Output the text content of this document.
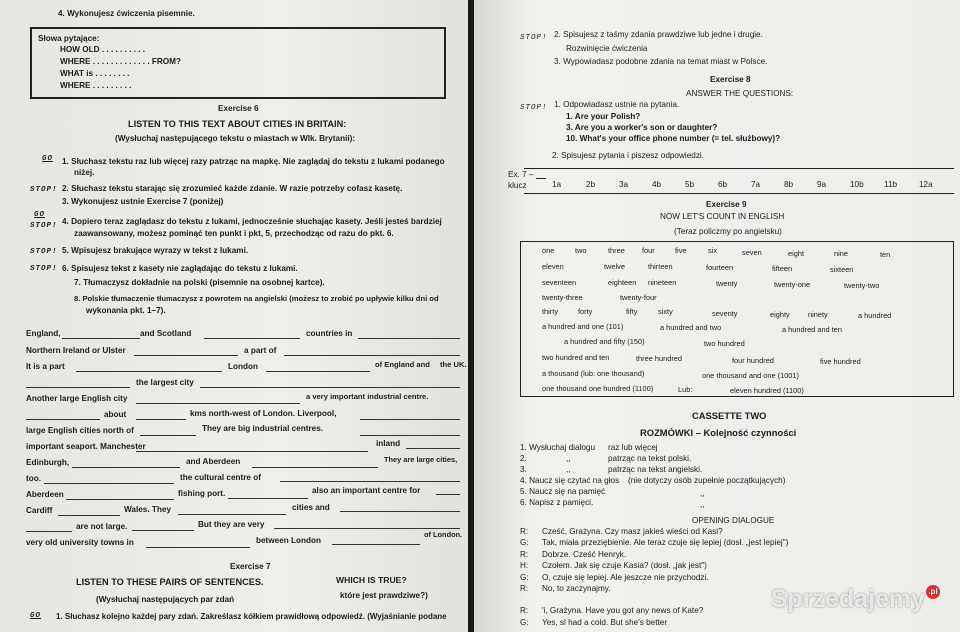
4. Wykonujesz ćwiczenia pisemnie.
Słowa pytające:
HOW OLD . . . . . . . . . .
WHERE . . . . . . . . . . . . . FROM?
WHAT is . . . . . . . .
WHERE . . . . . . . . .
Exercise 6
LISTEN TO THIS TEXT ABOUT CITIES IN BRITAIN:
(Wysłuchaj następującego tekstu o miastach w Wlk. Brytanii):
GO 1. Słuchasz tekstu raz lub więcej razy patrząc na mapkę. Nie zaglądaj do tekstu z lukami podanego
niżej.
STOP! 2. Słuchasz tekstu starając się zrozumieć każde zdanie. W razie potrzeby cofasz kasetę.
3. Wykonujesz ustnie Exercise 7 (poniżej)
GO
STOP! 4. Dopiero teraz zaglądasz do tekstu z lukami, jednocześnie słuchając kasety. Jeśli jesteś bardziej
zaawansowany, możesz pominąć ten punkt i pkt, 5, przechodząc od razu do pkt. 6.
STOP! 5. Wpisujesz brakujące wyrazy w tekst z lukami.
STOP! 6. Spisujesz tekst z kasety nie zaglądając do tekstu z lukami.
7. Tłumaczysz dokładnie na polski (pisemnie na osobnej kartce).
8. Polskie tłumaczenie tłumaczysz z powrotem na angielski (możesz to zrobić po upływie kilku dni od
wykonania pkt. 1–7).
England,	and Scotland	countries in
Northern Ireland or Ulster	a part of
It is a part	London	of England and the UK.
the largest city
Another large English city	a very important industrial centre.
about	kms north-west of London. Liverpool,
large English cities north of	They are big industrial centres.
important seaport. Manchester	inland
Edinburgh,	and Aberdeen	They are large cities,
too.	the cultural centre of
Aberdeen	fishing port.	also an important centre for
Cardiff	Wales. They	cities and
are not large.	But they are very
very old university towns in	between London
of London.
Exercise 7
LISTEN TO THESE PAIRS OF SENTENCES.	WHICH IS TRUE?
(Wysłuchaj następujących par zdań	które jest prawdziwe?)
GO 1. Słuchasz kolejno każdej pary zdań. Zakreślasz kółkiem prawidłową odpowiedź. (Wyjaśnianie podane
STOP! 2. Spisujesz z taśmy zdania prawdziwe lub jedne i drugie.
Rozwinięcie ćwiczenia
3. Wypowiadasz podobne zdania na temat miast w Polsce.
Exercise 8
ANSWER THE QUESTIONS:
STOP! 1. Odpowiadasz ustnie na pytania.
1. Are your Polish?
3. Are you a worker's son or daughter?
10. What's your office phone number (= tel. służbowy)?
2. Spisujesz pytania i piszesz odpowiedzi.
Ex. 7 –
klucz	1a	2b	3a	4b	5b	6b	7a	8b	9a	10b 11b	12a
Exercise 9
NOW LET'S COUNT IN ENGLISH
(Teraz policzmy po angielsku)
one	two	three four	five	six	seven	eight	nine	ten
eleven	twelve	thirteen	fourteen	fifteen	sixteen
seventeen	eighteen nineteen	twenty	twenty-one	twenty-two
twenty-three	twenty-four
thirty	forty	fifty	sixty	seventy	eighty ninety	a hundred
a hundred and one (101)	a hundred and two	a hundred and ten
a hundred and fifty (150)	two hundred
two hundred and ten	three hundred	four hundred	five hundred
a thousand (lub: one thousand)	one thousand and one (1001)
one thousand one hundred (1100)	Lub:	eleven hundred (1100)
CASSETTE TWO
ROZMÓWKI – Kolejność czynności
1. Wysłuchaj dialogu raz lub więcej
2.	,,	patrząc na tekst polski.
3.	,,	patrząc na tekst angielski.
4. Naucz się czytać na głos (nie dotyczy osób zupełnie początkujących)
5. Naucz się na pamięć	,,
6. Napisz z pamięci.	,,
OPENING DIALOGUE
R: Cześć, Grażyna. Czy masz jakieś wieści od Kasi?
G: Tak, miała przeziębienie. Ale teraz czuje się lepiej (dosł. „jest lepiej")
R: Dobrze. Cześć Henryk.
H: Czołem. Jak się czuje Kasia? (dosł. „jak jest")
G: O, czuje się lepiej. Ale jeszcze nie przychodzi.
R: No, to zaczynajmy.
R: 'i, Grażyna. Have you got any news of Kate?
G: Yes, sl had a cold. But she's better
Sprzedajemy .pl
